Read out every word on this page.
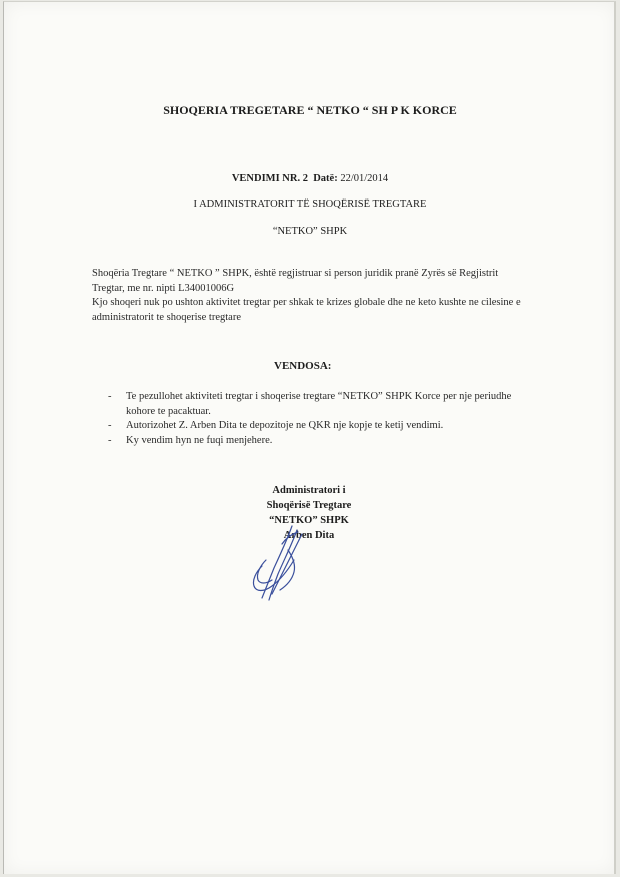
SHOQERIA TREGETARE “ NETKO “ SH P K KORCE
VENDIMI NR. 2 Datë: 22/01/2014
I ADMINISTRATORIT TË SHOQËRISË TREGTARE
“NETKO” SHPK

Shoqëria Tregtare “ NETKO ” SHPK, është regjistruar si person juridik pranë Zyrës së Regjistrit Tregtar, me nr. nipti L34001006G

Kjo shoqeri nuk po ushton aktivitet tregtar per shkak te krizes globale dhe ne keto kushte ne cilesine e administratorit te shoqerise tregtare

VENDOSA:
- Te pezullohet aktiviteti tregtar i shoqerise tregtare “NETKO” SHPK Korce per nje periudhe kohore te pacaktuar.
- Autorizohet Z. Arben Dita te depozitoje ne QKR nje kopje te ketij vendimi.
- Ky vendim hyn ne fuqi menjehere.
Administratori i
Shoqërisë Tregtare
“NETKO” SHPK
Arben Dita
